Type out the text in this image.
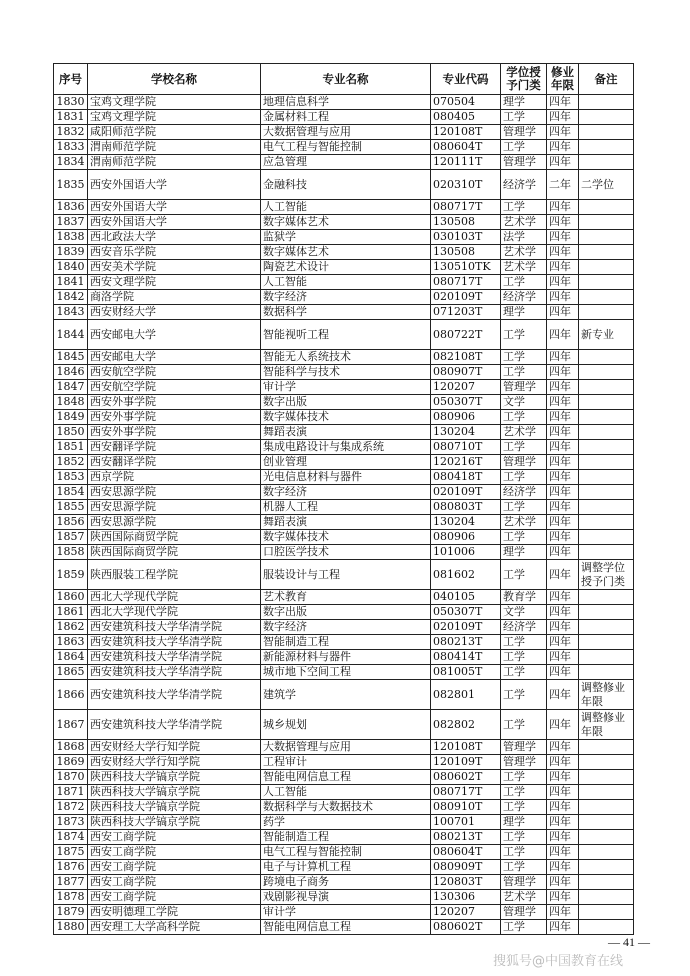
序号	学校名称	专业名称	专业代码	学位授予门类	修业年限	备注
1830	宝鸡文理学院	地理信息科学	070504	理学	四年	
1831	宝鸡文理学院	金属材料工程	080405	工学	四年	
1832	咸阳师范学院	大数据管理与应用	120108T	管理学	四年	
1833	渭南师范学院	电气工程与智能控制	080604T	工学	四年	
1834	渭南师范学院	应急管理	120111T	管理学	四年	
1835	西安外国语大学	金融科技	020310T	经济学	二年	二学位
1836	西安外国语大学	人工智能	080717T	工学	四年	
1837	西安外国语大学	数字媒体艺术	130508	艺术学	四年	
1838	西北政法大学	监狱学	030103T	法学	四年	
1839	西安音乐学院	数字媒体艺术	130508	艺术学	四年	
1840	西安美术学院	陶瓷艺术设计	130510TK	艺术学	四年	
1841	西安文理学院	人工智能	080717T	工学	四年	
1842	商洛学院	数字经济	020109T	经济学	四年	
1843	西安财经大学	数据科学	071203T	理学	四年	
1844	西安邮电大学	智能视听工程	080722T	工学	四年	新专业
1845	西安邮电大学	智能无人系统技术	082108T	工学	四年	
1846	西安航空学院	智能科学与技术	080907T	工学	四年	
1847	西安航空学院	审计学	120207	管理学	四年	
1848	西安外事学院	数字出版	050307T	文学	四年	
1849	西安外事学院	数字媒体技术	080906	工学	四年	
1850	西安外事学院	舞蹈表演	130204	艺术学	四年	
1851	西安翻译学院	集成电路设计与集成系统	080710T	工学	四年	
1852	西安翻译学院	创业管理	120216T	管理学	四年	
1853	西京学院	光电信息材料与器件	080418T	工学	四年	
1854	西安思源学院	数字经济	020109T	经济学	四年	
1855	西安思源学院	机器人工程	080803T	工学	四年	
1856	西安思源学院	舞蹈表演	130204	艺术学	四年	
1857	陕西国际商贸学院	数字媒体技术	080906	工学	四年	
1858	陕西国际商贸学院	口腔医学技术	101006	理学	四年	
1859	陕西服装工程学院	服装设计与工程	081602	工学	四年	调整学位授予门类
1860	西北大学现代学院	艺术教育	040105	教育学	四年	
1861	西北大学现代学院	数字出版	050307T	文学	四年	
1862	西安建筑科技大学华清学院	数字经济	020109T	经济学	四年	
1863	西安建筑科技大学华清学院	智能制造工程	080213T	工学	四年	
1864	西安建筑科技大学华清学院	新能源材料与器件	080414T	工学	四年	
1865	西安建筑科技大学华清学院	城市地下空间工程	081005T	工学	四年	
1866	西安建筑科技大学华清学院	建筑学	082801	工学	四年	调整修业年限
1867	西安建筑科技大学华清学院	城乡规划	082802	工学	四年	调整修业年限
1868	西安财经大学行知学院	大数据管理与应用	120108T	管理学	四年	
1869	西安财经大学行知学院	工程审计	120109T	管理学	四年	
1870	陕西科技大学镐京学院	智能电网信息工程	080602T	工学	四年	
1871	陕西科技大学镐京学院	人工智能	080717T	工学	四年	
1872	陕西科技大学镐京学院	数据科学与大数据技术	080910T	工学	四年	
1873	陕西科技大学镐京学院	药学	100701	理学	四年	
1874	西安工商学院	智能制造工程	080213T	工学	四年	
1875	西安工商学院	电气工程与智能控制	080604T	工学	四年	
1876	西安工商学院	电子与计算机工程	080909T	工学	四年	
1877	西安工商学院	跨境电子商务	120803T	管理学	四年	
1878	西安工商学院	戏剧影视导演	130306	艺术学	四年	
1879	西安明德理工学院	审计学	120207	管理学	四年	
1880	西安理工大学高科学院	智能电网信息工程	080602T	工学	四年	
— 41 —
搜狐号@中国教育在线
